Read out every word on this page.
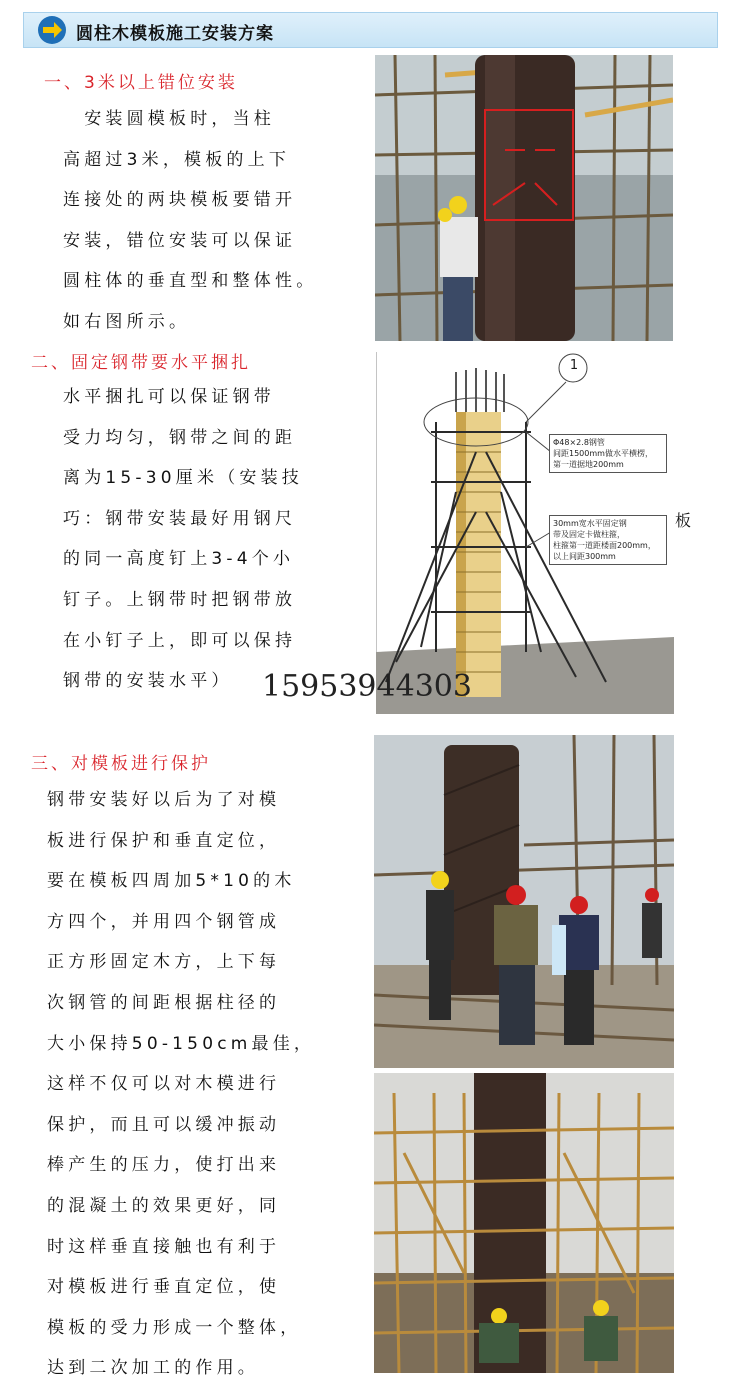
圆柱木模板施工安装方案
一、3米以上错位安装
　安装圆模板时，当柱
高超过3米，模板的上下
连接处的两块模板要错开
安装，错位安装可以保证
圆柱体的垂直型和整体性。
如右图所示。
二、固定钢带要水平捆扎
水平捆扎可以保证钢带
受力均匀，钢带之间的距
离为15-30厘米（安装技
巧：钢带安装最好用钢尺
的同一高度钉上3-4个小
钉子。上钢带时把钢带放
在小钉子上，即可以保持
钢带的安装水平）
1
Φ48×2.8钢管
间距1500mm做水平横楞，
第一道据地200mm
30mm宽水平固定钢
带及固定卡做柱箍，
柱箍第一道距楼面200mm，
以上间距300mm
板
15953944303
三、对模板进行保护
钢带安装好以后为了对模
板进行保护和垂直定位，
要在模板四周加5*10的木
方四个，并用四个钢管成
正方形固定木方，上下每
次钢管的间距根据柱径的
大小保持50-150cm最佳，
这样不仅可以对木模进行
保护，而且可以缓冲振动
棒产生的压力，使打出来
的混凝土的效果更好，同
时这样垂直接触也有利于
对模板进行垂直定位，使
模板的受力形成一个整体，
达到二次加工的作用。
